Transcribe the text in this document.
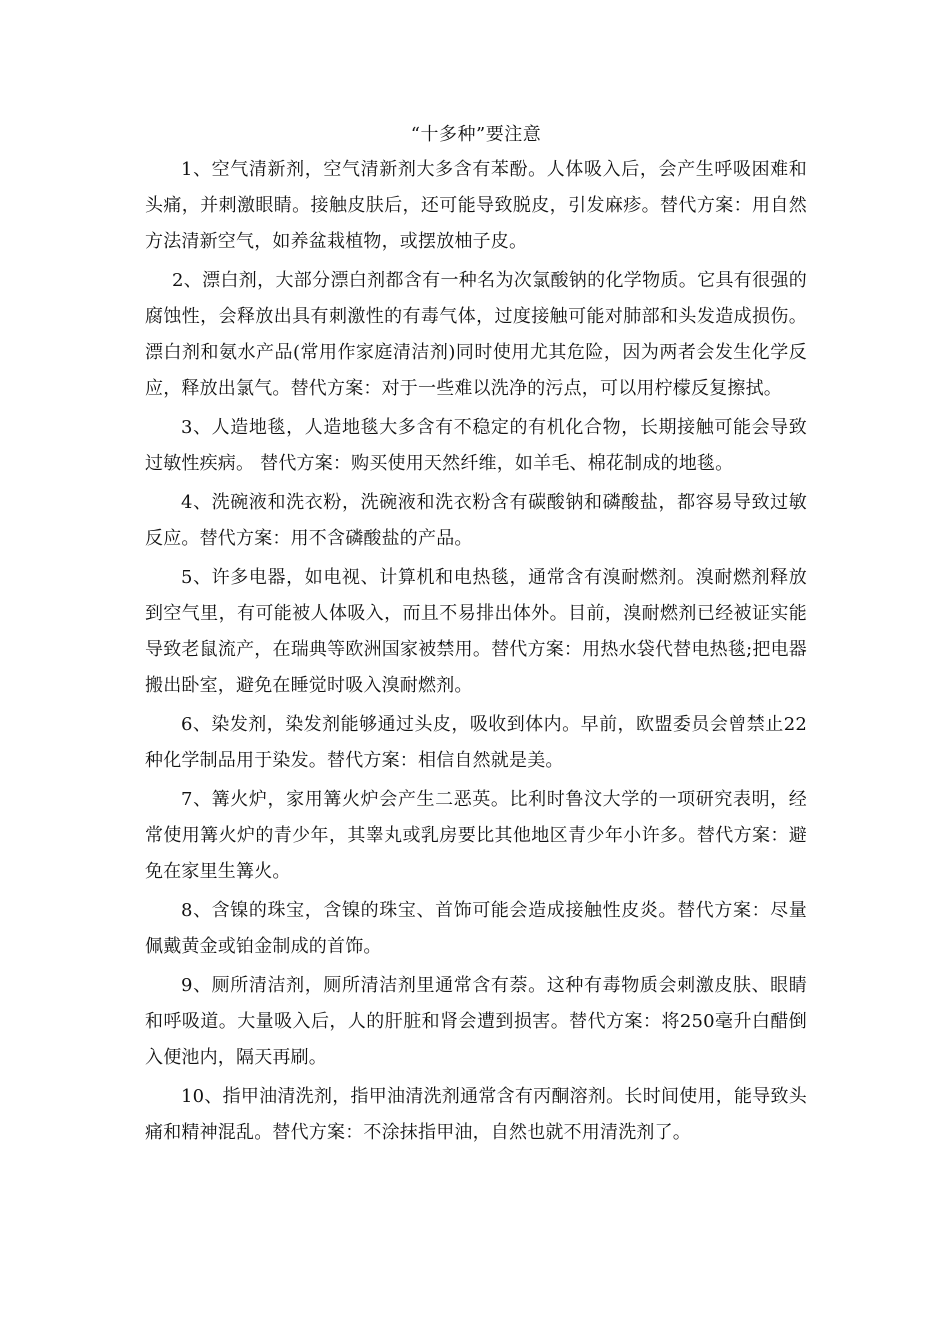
“十多种”要注意

1、空气清新剂，空气清新剂大多含有苯酚。人体吸入后，会产生呼吸困难和头痛，并刺激眼睛。接触皮肤后，还可能导致脱皮，引发麻疹。替代方案：用自然方法清新空气，如养盆栽植物，或摆放柚子皮。

2、漂白剂，大部分漂白剂都含有一种名为次氯酸钠的化学物质。它具有很强的腐蚀性，会释放出具有刺激性的有毒气体，过度接触可能对肺部和头发造成损伤。漂白剂和氨水产品(常用作家庭清洁剂)同时使用尤其危险，因为两者会发生化学反应，释放出氯气。替代方案：对于一些难以洗净的污点，可以用柠檬反复擦拭。

3、人造地毯，人造地毯大多含有不稳定的有机化合物，长期接触可能会导致过敏性疾病。 替代方案：购买使用天然纤维，如羊毛、棉花制成的地毯。

4、洗碗液和洗衣粉，洗碗液和洗衣粉含有碳酸钠和磷酸盐，都容易导致过敏反应。替代方案：用不含磷酸盐的产品。

5、许多电器，如电视、计算机和电热毯，通常含有溴耐燃剂。溴耐燃剂释放到空气里，有可能被人体吸入，而且不易排出体外。目前，溴耐燃剂已经被证实能导致老鼠流产，在瑞典等欧洲国家被禁用。替代方案：用热水袋代替电热毯;把电器搬出卧室，避免在睡觉时吸入溴耐燃剂。

6、染发剂，染发剂能够通过头皮，吸收到体内。早前，欧盟委员会曾禁止22种化学制品用于染发。替代方案：相信自然就是美。

7、篝火炉，家用篝火炉会产生二恶英。比利时鲁汶大学的一项研究表明，经常使用篝火炉的青少年，其睾丸或乳房要比其他地区青少年小许多。替代方案：避免在家里生篝火。

8、含镍的珠宝，含镍的珠宝、首饰可能会造成接触性皮炎。替代方案：尽量佩戴黄金或铂金制成的首饰。

9、厕所清洁剂，厕所清洁剂里通常含有萘。这种有毒物质会刺激皮肤、眼睛和呼吸道。大量吸入后，人的肝脏和肾会遭到损害。替代方案：将250毫升白醋倒入便池内，隔天再刷。

10、指甲油清洗剂，指甲油清洗剂通常含有丙酮溶剂。长时间使用，能导致头痛和精神混乱。替代方案：不涂抹指甲油，自然也就不用清洗剂了。
